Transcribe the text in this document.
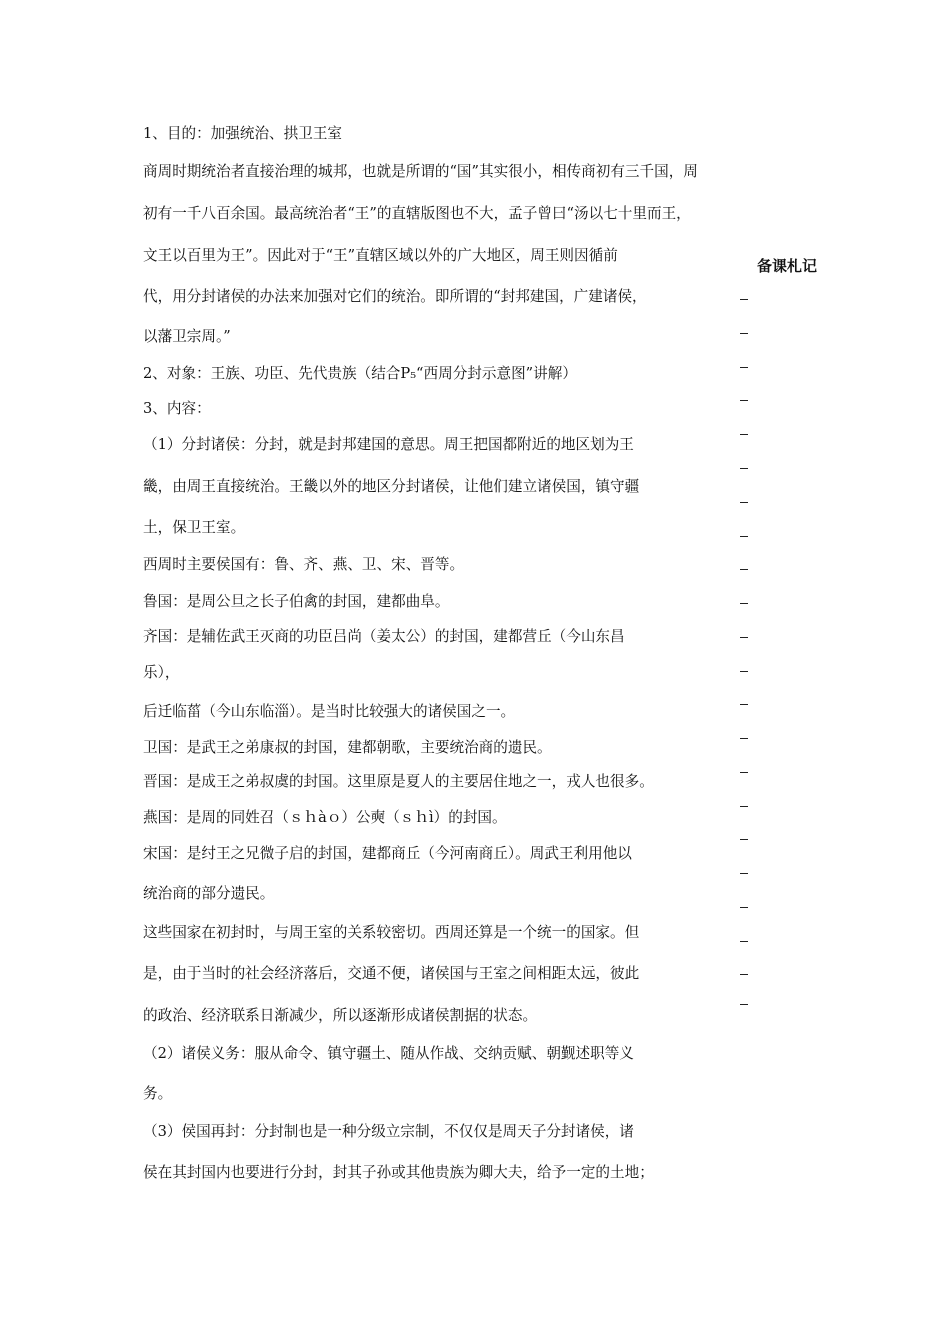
1、目的：加强统治、拱卫王室
商周时期统治者直接治理的城邦，也就是所谓的“国”其实很小，相传商初有三千国，周
初有一千八百余国。最高统治者“王”的直辖版图也不大，孟子曾曰“汤以七十里而王，
文王以百里为王”。因此对于“王”直辖区域以外的广大地区，周王则因循前
代，用分封诸侯的办法来加强对它们的统治。即所谓的“封邦建国，广建诸侯，
以藩卫宗周。”
2、对象：王族、功臣、先代贵族（结合P₅“西周分封示意图”讲解）
3、内容：
（1）分封诸侯：分封，就是封邦建国的意思。周王把国都附近的地区划为王
畿，由周王直接统治。王畿以外的地区分封诸侯，让他们建立诸侯国，镇守疆
土，保卫王室。
西周时主要侯国有：鲁、齐、燕、卫、宋、晋等。
鲁国：是周公旦之长子伯禽的封国，建都曲阜。
齐国：是辅佐武王灭商的功臣吕尚（姜太公）的封国，建都营丘（今山东昌
乐），
后迁临菑（今山东临淄）。是当时比较强大的诸侯国之一。
卫国：是武王之弟康叔的封国，建都朝歌，主要统治商的遗民。
晋国：是成王之弟叔虞的封国。这里原是夏人的主要居住地之一，戎人也很多。
燕国：是周的同姓召（ｓｈàｏ）公奭（ｓｈì）的封国。
宋国：是纣王之兄微子启的封国，建都商丘（今河南商丘）。周武王利用他以
统治商的部分遗民。
这些国家在初封时，与周王室的关系较密切。西周还算是一个统一的国家。但
是，由于当时的社会经济落后，交通不便，诸侯国与王室之间相距太远，彼此
的政治、经济联系日渐减少，所以逐渐形成诸侯割据的状态。
（2）诸侯义务：服从命令、镇守疆土、随从作战、交纳贡赋、朝觐述职等义
务。
（3）侯国再封：分封制也是一种分级立宗制，不仅仅是周天子分封诸侯，诸
侯在其封国内也要进行分封，封其子孙或其他贵族为卿大夫，给予一定的土地；
备课札记
